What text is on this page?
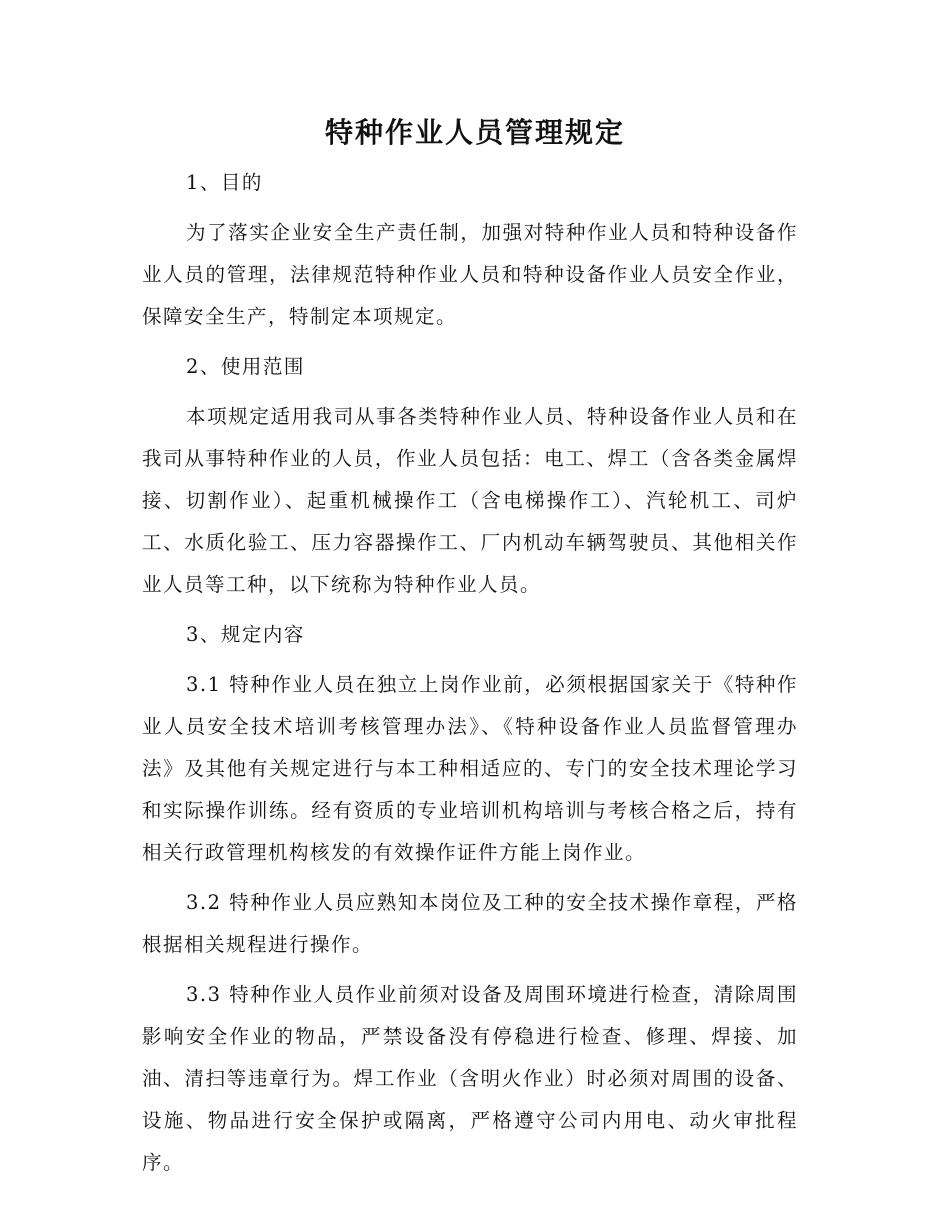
特种作业人员管理规定

1、目的

为了落实企业安全生产责任制，加强对特种作业人员和特种设备作业人员的管理，法律规范特种作业人员和特种设备作业人员安全作业，保障安全生产，特制定本项规定。

2、使用范围

本项规定适用我司从事各类特种作业人员、特种设备作业人员和在我司从事特种作业的人员，作业人员包括：电工、焊工（含各类金属焊接、切割作业）、起重机械操作工（含电梯操作工）、汽轮机工、司炉工、水质化验工、压力容器操作工、厂内机动车辆驾驶员、其他相关作业人员等工种，以下统称为特种作业人员。

3、规定内容

3.1 特种作业人员在独立上岗作业前，必须根据国家关于《特种作业人员安全技术培训考核管理办法》、《特种设备作业人员监督管理办法》及其他有关规定进行与本工种相适应的、专门的安全技术理论学习和实际操作训练。经有资质的专业培训机构培训与考核合格之后，持有相关行政管理机构核发的有效操作证件方能上岗作业。

3.2 特种作业人员应熟知本岗位及工种的安全技术操作章程，严格根据相关规程进行操作。

3.3 特种作业人员作业前须对设备及周围环境进行检查，清除周围影响安全作业的物品，严禁设备没有停稳进行检查、修理、焊接、加油、清扫等违章行为。焊工作业（含明火作业）时必须对周围的设备、设施、物品进行安全保护或隔离，严格遵守公司内用电、动火审批程序。
